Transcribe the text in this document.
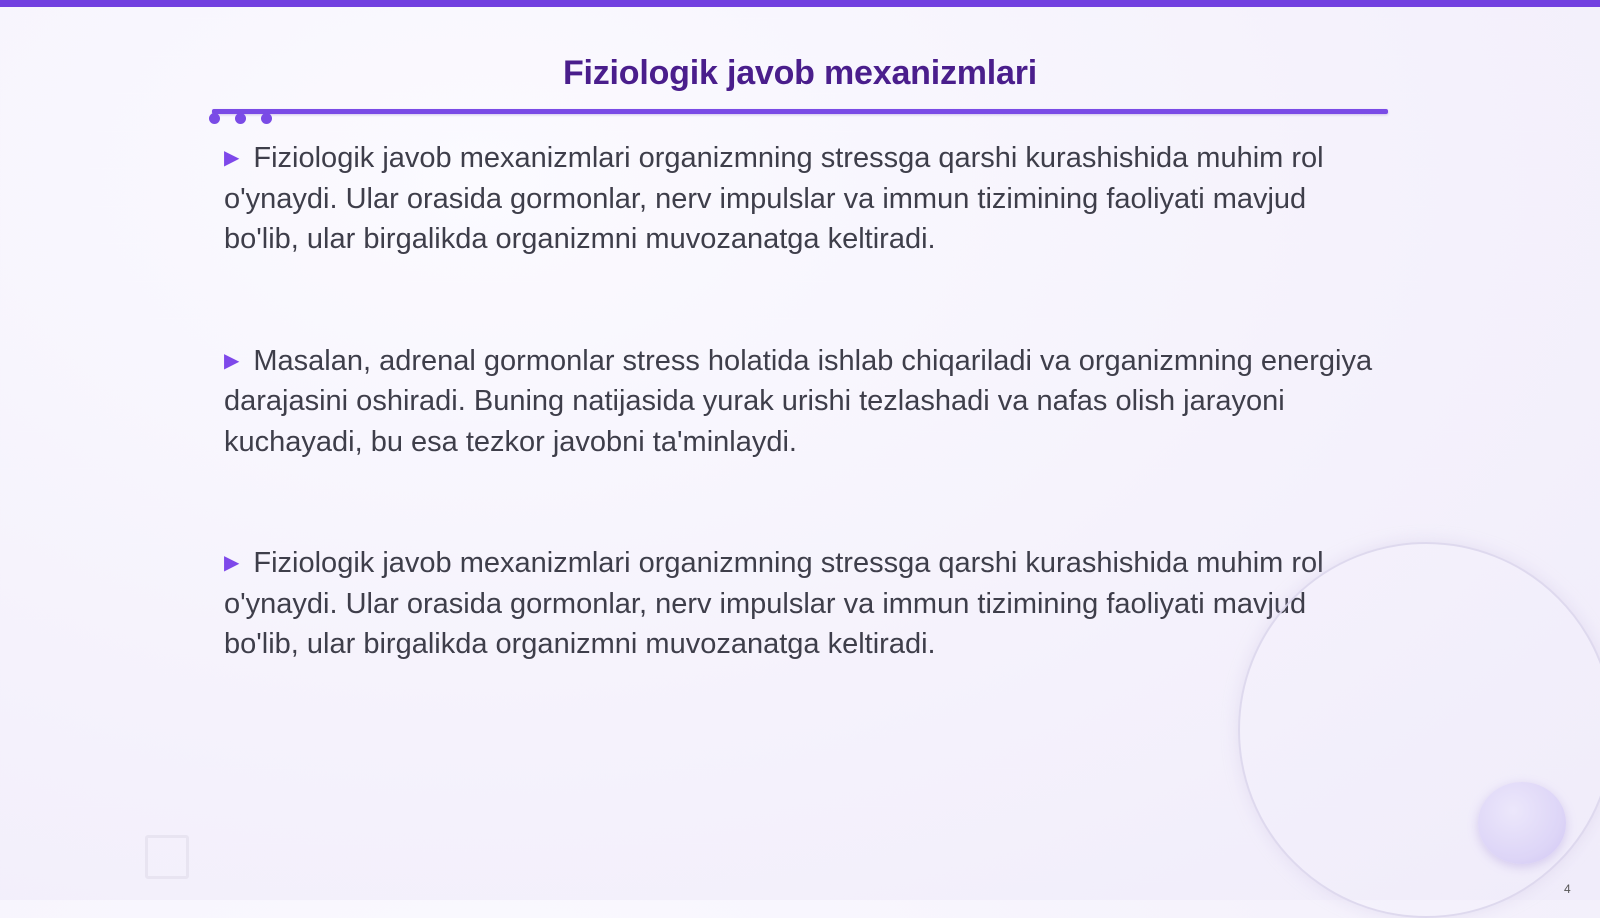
Fiziologik javob mexanizmlari

▶ Fiziologik javob mexanizmlari organizmning stressga qarshi kurashishida muhim rol o'ynaydi. Ular orasida gormonlar, nerv impulslar va immun tizimining faoliyati mavjud bo'lib, ular birgalikda organizmni muvozanatga keltiradi.

▶ Masalan, adrenal gormonlar stress holatida ishlab chiqariladi va organizmning energiya darajasini oshiradi. Buning natijasida yurak urishi tezlashadi va nafas olish jarayoni kuchayadi, bu esa tezkor javobni ta'minlaydi.

▶ Fiziologik javob mexanizmlari organizmning stressga qarshi kurashishida muhim rol o'ynaydi. Ular orasida gormonlar, nerv impulslar va immun tizimining faoliyati mavjud bo'lib, ular birgalikda organizmni muvozanatga keltiradi.

4
